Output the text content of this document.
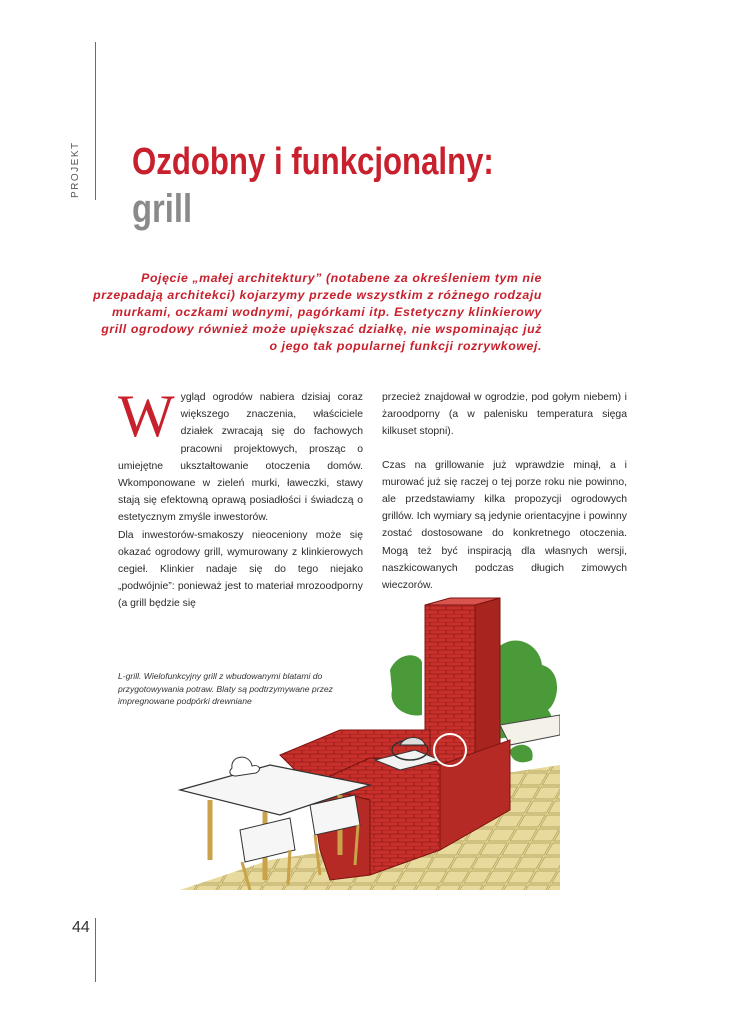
PROJEKT Ozdobny i funkcjonalny:
grill
Pojęcie „małej architektury” (notabene za określeniem tym nie przepadają architekci) kojarzymy przede wszystkim z różnego rodzaju murkami, oczkami wodnymi, pagórkami itp. Estetyczny klinkierowy grill ogrodowy również może upiększać działkę, nie wspominając już o jego tak popularnej funkcji rozrywkowej.

Wygląd ogrodów nabiera dzisiaj coraz większego znaczenia, właściciele działek zwracają się do fachowych pracowni projektowych, prosząc o umiejętne ukształtowanie otoczenia domów. Wkomponowane w zieleń murki, ławeczki, stawy stają się efektowną oprawą posiadłości i świadczą o estetycznym zmyśle inwestorów.

Dla inwestorów-smakoszy nieoceniony może się okazać ogrodowy grill, wymurowany z klinkierowych cegieł. Klinkier nadaje się do tego niejako „podwójnie”: ponieważ jest to materiał mrozoodporny (a grill będzie się

przecież znajdował w ogrodzie, pod gołym niebem) i żaroodporny (a w palenisku temperatura sięga kilkuset stopni).

Czas na grillowanie już wprawdzie minął, a i murować już się raczej o tej porze roku nie powinno, ale przedstawiamy kilka propozycji ogrodowych grillów. Ich wymiary są jedynie orientacyjne i powinny zostać dostosowane do konkretnego otoczenia. Mogą też być inspiracją dla własnych wersji, naszkicowanych podczas długich zimowych wieczorów.

L-grill. Wielofunkcyjny grill z wbudowanymi blatami do przygotowywania potraw. Blaty są podtrzymywane przez impregnowane podpórki drewniane
44
